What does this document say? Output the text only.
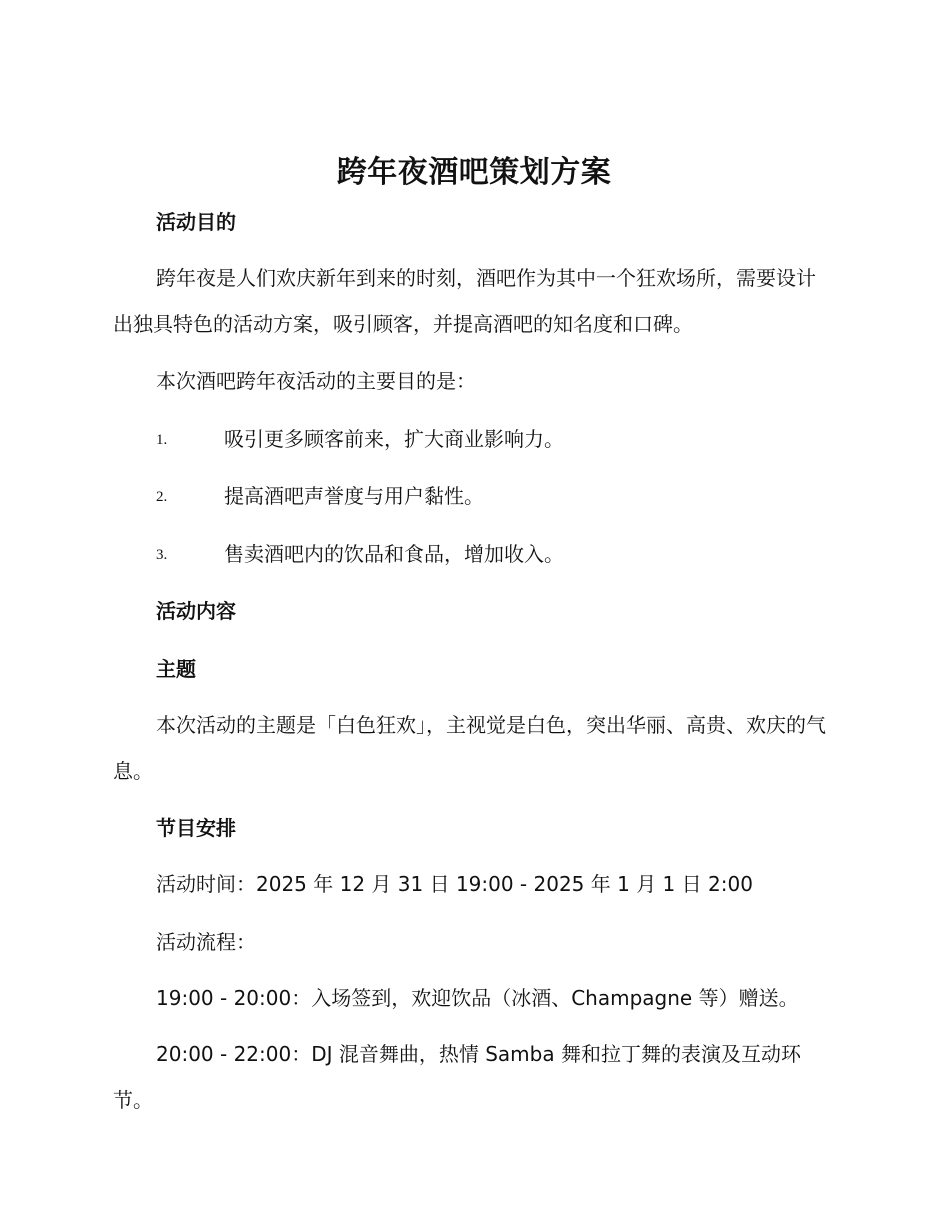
跨年夜酒吧策划方案
活动目的

跨年夜是人们欢庆新年到来的时刻，酒吧作为其中一个狂欢场所，需要设计出独具特色的活动方案，吸引顾客，并提高酒吧的知名度和口碑。

本次酒吧跨年夜活动的主要目的是：

1.	吸引更多顾客前来，扩大商业影响力。
2.	提高酒吧声誉度与用户黏性。
3.	售卖酒吧内的饮品和食品，增加收入。
活动内容
主题

本次活动的主题是「白色狂欢」，主视觉是白色，突出华丽、高贵、欢庆的气息。

节目安排

活动时间：2025 年 12 月 31 日 19:00 - 2025 年 1 月 1 日 2:00

活动流程：

19:00 - 20:00：入场签到，欢迎饮品（冰酒、Champagne 等）赠送。

20:00 - 22:00：DJ 混音舞曲，热情 Samba 舞和拉丁舞的表演及互动环节。
